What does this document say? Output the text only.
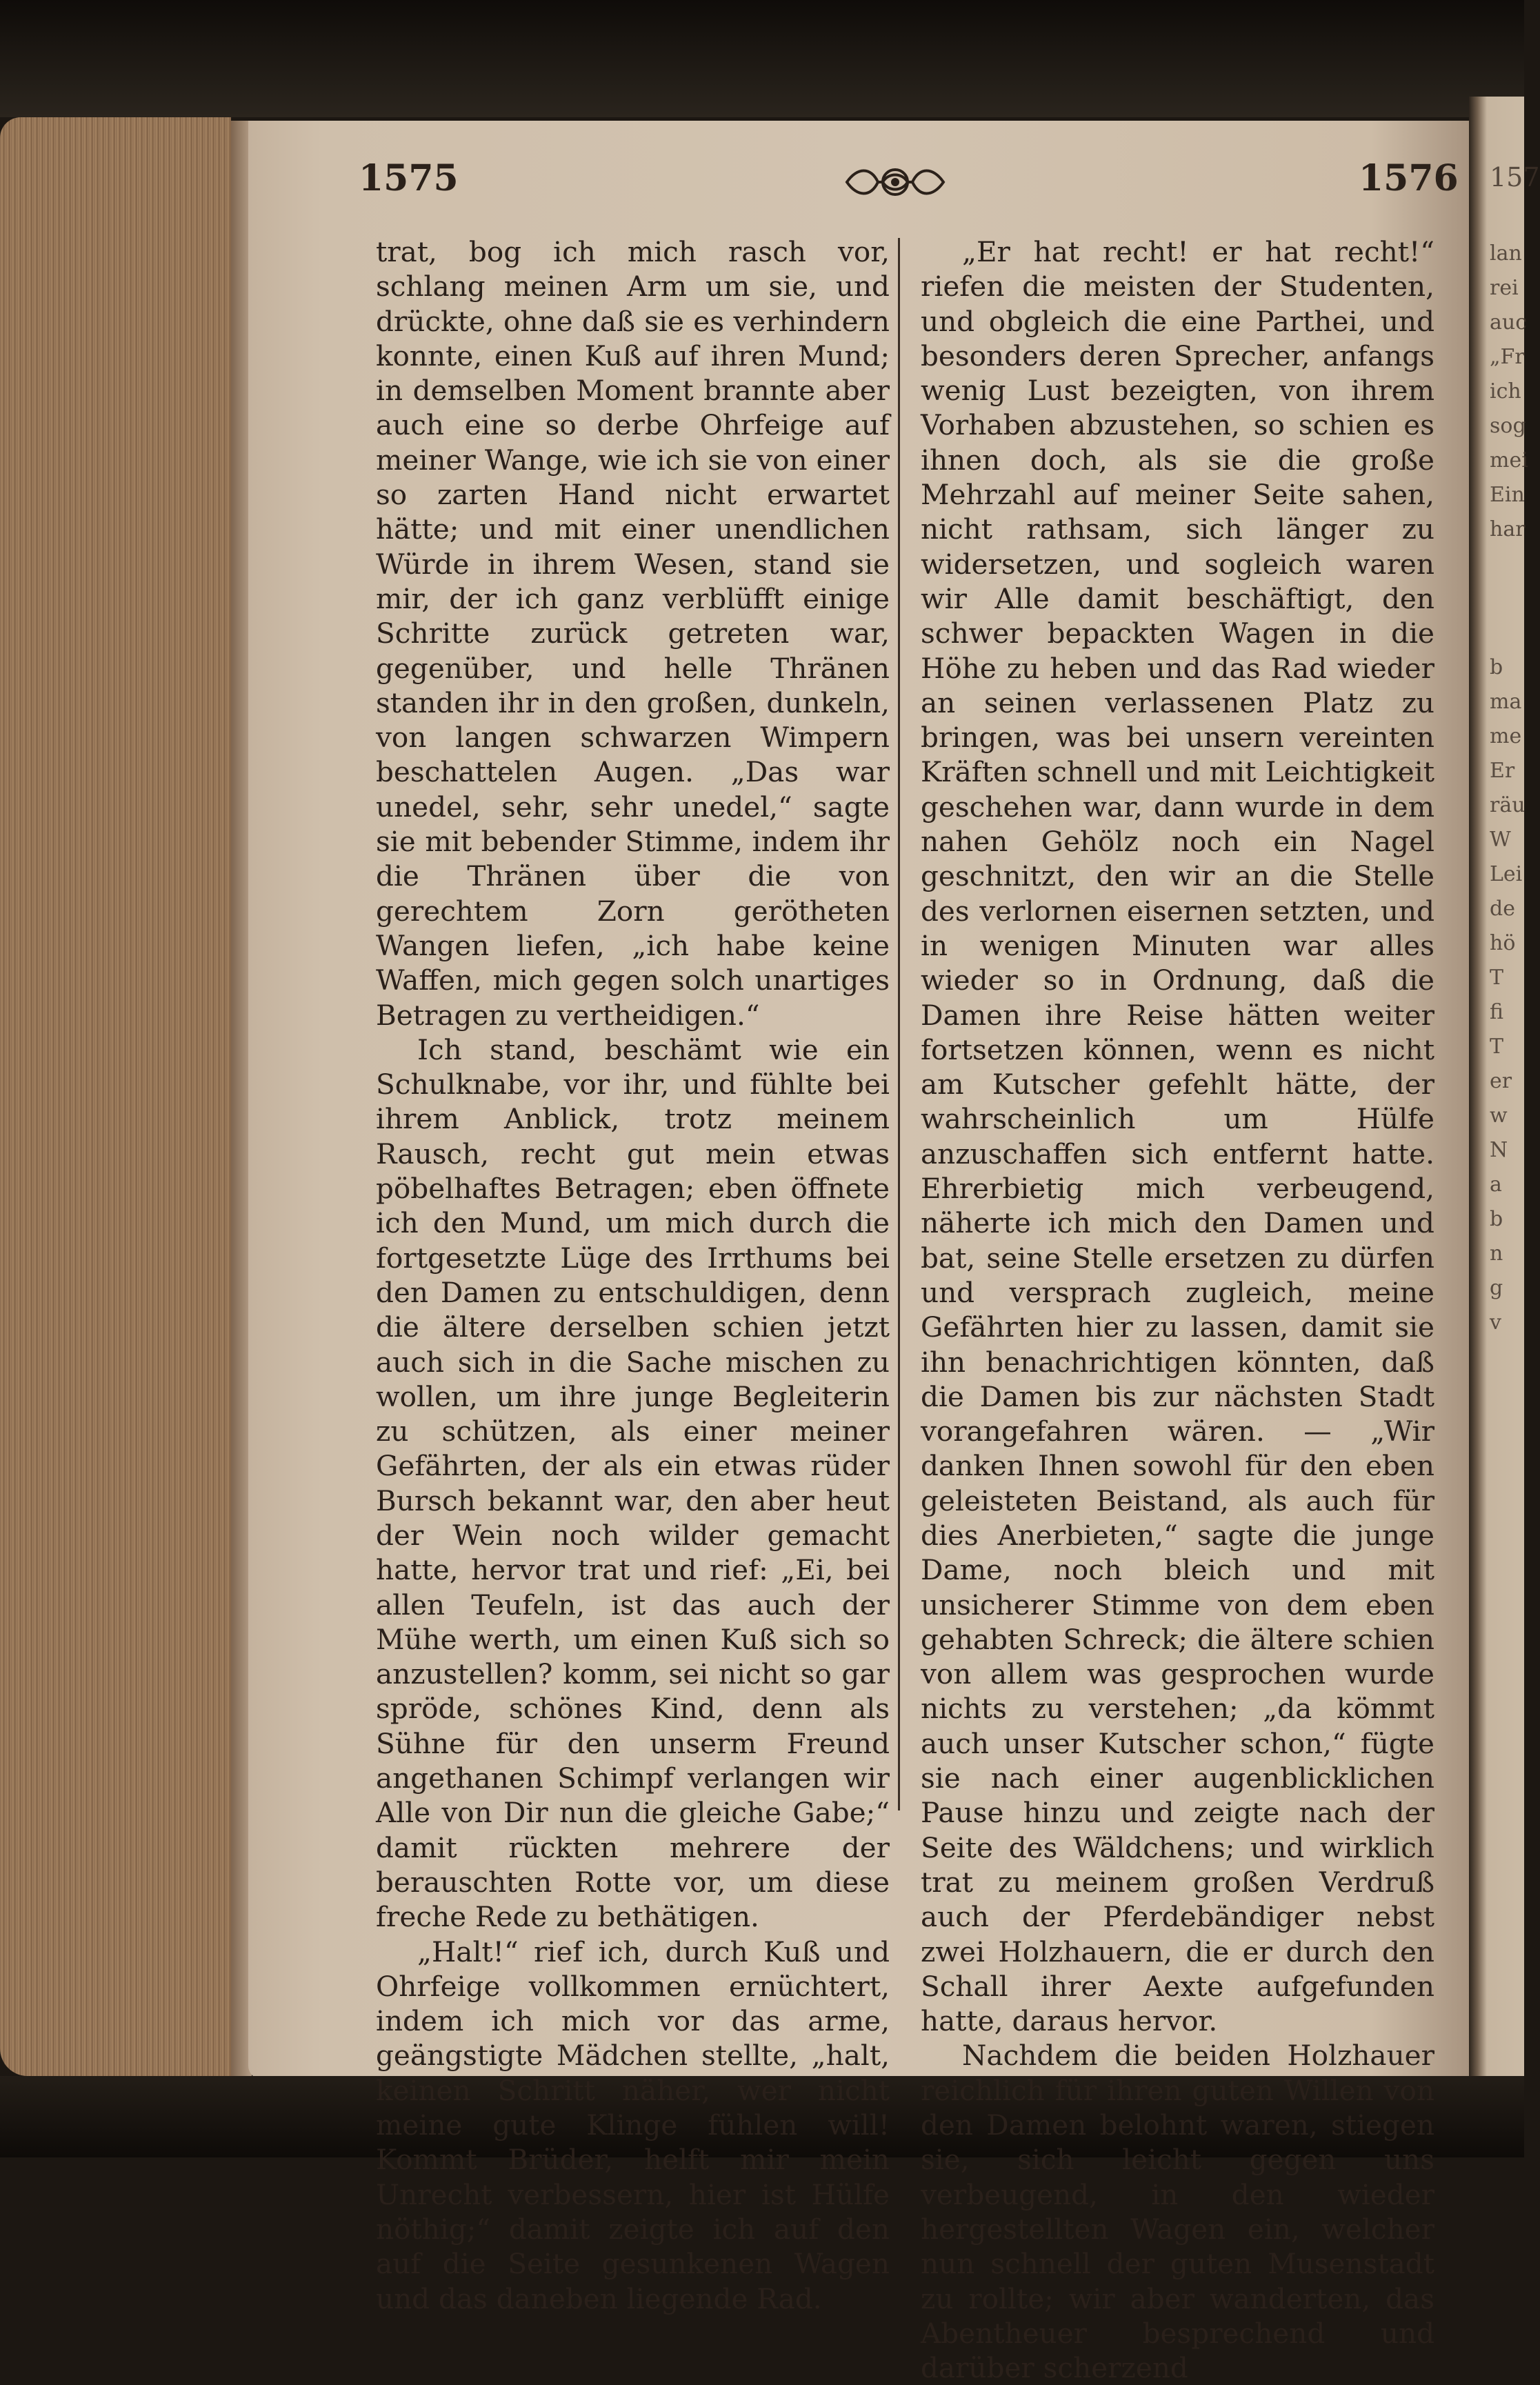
157
lan
rei
auc
„Fr
ich
sog
mei
Ein
har
b
ma
me
Er
räu
W
Lei
de
hö
T
fi
T
er
w
N
a
b
n
g
v
1575	1576

trat, bog ich mich rasch vor, schlang meinen Arm um sie, und drückte, ohne daß sie es verhindern konnte, einen Kuß auf ihren Mund; in demselben Moment brannte aber auch eine so derbe Ohrfeige auf meiner Wange, wie ich sie von einer so zarten Hand nicht erwartet hätte; und mit einer unendlichen Würde in ihrem Wesen, stand sie mir, der ich ganz verblüfft einige Schritte zurück getreten war, gegenüber, und helle Thränen standen ihr in den großen, dunkeln, von langen schwarzen Wimpern beschattelen Augen. „Das war unedel, sehr, sehr unedel,“ sagte sie mit bebender Stimme, indem ihr die Thränen über die von gerechtem Zorn gerötheten Wangen liefen, „ich habe keine Waffen, mich gegen solch unartiges Betragen zu vertheidigen.“

Ich stand, beschämt wie ein Schulknabe, vor ihr, und fühlte bei ihrem Anblick, trotz meinem Rausch, recht gut mein etwas pöbelhaftes Betragen; eben öffnete ich den Mund, um mich durch die fortgesetzte Lüge des Irrthums bei den Damen zu entschuldigen, denn die ältere derselben schien jetzt auch sich in die Sache mischen zu wollen, um ihre junge Begleiterin zu schützen, als einer meiner Gefährten, der als ein etwas rüder Bursch bekannt war, den aber heut der Wein noch wilder gemacht hatte, hervor trat und rief: „Ei, bei allen Teufeln, ist das auch der Mühe werth, um einen Kuß sich so anzustellen? komm, sei nicht so gar spröde, schönes Kind, denn als Sühne für den unserm Freund angethanen Schimpf verlangen wir Alle von Dir nun die gleiche Gabe;“ damit rückten mehrere der berauschten Rotte vor, um diese freche Rede zu bethätigen.

„Halt!“ rief ich, durch Kuß und Ohrfeige vollkommen ernüchtert, indem ich mich vor das arme, geängstigte Mädchen stellte, „halt, keinen Schritt näher, wer nicht meine gute Klinge fühlen will! Kommt Brüder, helft mir mein Unrecht verbessern, hier ist Hülfe nöthig;“ damit zeigte ich auf den auf die Seite gesunkenen Wagen und das daneben liegende Rad.

„Er hat recht! er hat recht!“ riefen die meisten der Studenten, und obgleich die eine Parthei, und besonders deren Sprecher, anfangs wenig Lust bezeigten, von ihrem Vorhaben abzustehen, so schien es ihnen doch, als sie die große Mehrzahl auf meiner Seite sahen, nicht rathsam, sich länger zu widersetzen, und sogleich waren wir Alle damit beschäftigt, den schwer bepackten Wagen in die Höhe zu heben und das Rad wieder an seinen verlassenen Platz zu bringen, was bei unsern vereinten Kräften schnell und mit Leichtigkeit geschehen war, dann wurde in dem nahen Gehölz noch ein Nagel geschnitzt, den wir an die Stelle des verlornen eisernen setzten, und in wenigen Minuten war alles wieder so in Ordnung, daß die Damen ihre Reise hätten weiter fortsetzen können, wenn es nicht am Kutscher gefehlt hätte, der wahrscheinlich um Hülfe anzuschaffen sich entfernt hatte. Ehrerbietig mich verbeugend, näherte ich mich den Damen und bat, seine Stelle ersetzen zu dürfen und versprach zugleich, meine Gefährten hier zu lassen, damit sie ihn benachrichtigen könnten, daß die Damen bis zur nächsten Stadt vorangefahren wären. — „Wir danken Ihnen sowohl für den eben geleisteten Beistand, als auch für dies Anerbieten,“ sagte die junge Dame, noch bleich und mit unsicherer Stimme von dem eben gehabten Schreck; die ältere schien von allem was gesprochen wurde nichts zu verstehen; „da kömmt auch unser Kutscher schon,“ fügte sie nach einer augenblicklichen Pause hinzu und zeigte nach der Seite des Wäldchens; und wirklich trat zu meinem großen Verdruß auch der Pferdebändiger nebst zwei Holzhauern, die er durch den Schall ihrer Aexte aufgefunden hatte, daraus hervor.

Nachdem die beiden Holzhauer reichlich für ihren guten Willen von den Damen belohnt waren, stiegen sie, sich leicht gegen uns verbeugend, in den wieder hergestellten Wagen ein, welcher nun schnell der guten Musenstadt zu rollte; wir aber wanderten, das Abentheuer besprechend und darüber scherzend
